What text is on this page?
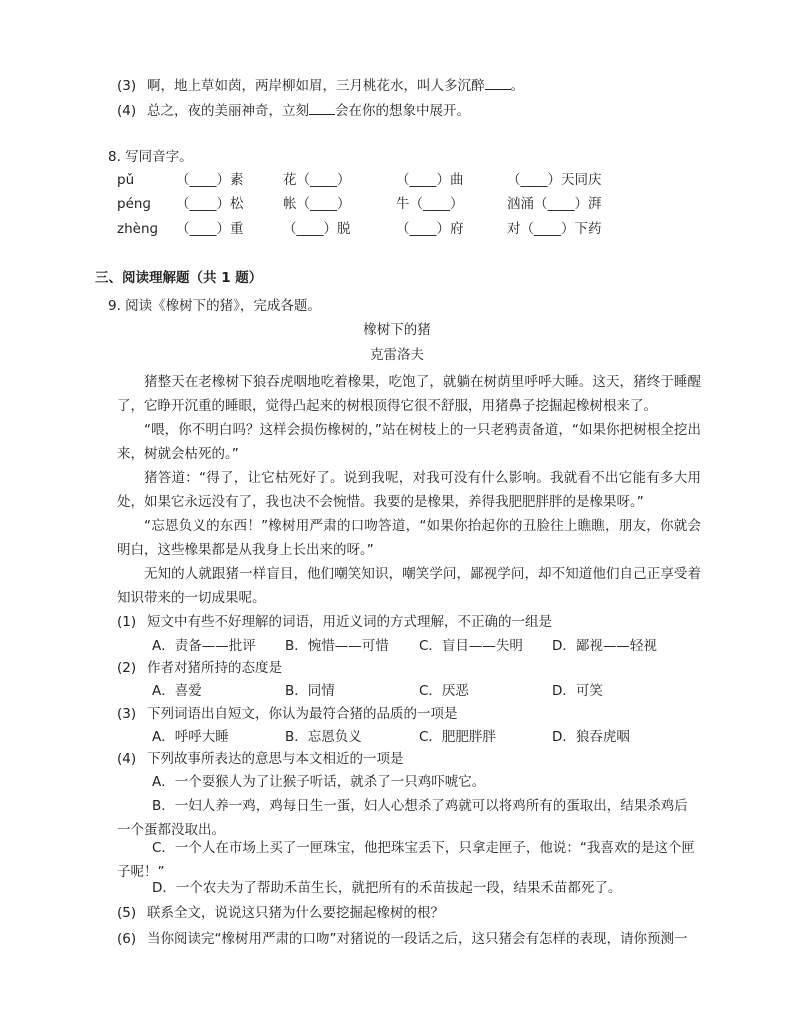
(3) 啊，地上草如茵，两岸柳如眉，三月桃花水，叫人多沉醉 。
(4) 总之，夜的美丽神奇，立刻 会在你的想象中展开。
8. 写同音字。
pǔ	（____）素	花（____）	（____）曲	（____）天同庆
pénɡ （____）松	帐（____）	牛（____）	汹涌（____）湃
zhènɡ （____）重	（____）脱	（____）府	对（____）下药
三、阅读理解题（共 1 题）
9. 阅读《橡树下的猪》，完成各题。
橡树下的猪
克雷洛夫

猪整天在老橡树下狼吞虎咽地吃着橡果，吃饱了，就躺在树荫里呼呼大睡。这天，猪终于睡醒了，它睁开沉重的睡眼，觉得凸起来的树根顶得它很不舒服，用猪鼻子挖掘起橡树根来了。

“喂，你不明白吗？这样会损伤橡树的，”站在树枝上的一只老鸦责备道，“如果你把树根全挖出来，树就会枯死的。”

猪答道：“得了，让它枯死好了。说到我呢，对我可没有什么影响。我就看不出它能有多大用处，如果它永远没有了，我也决不会惋惜。我要的是橡果，养得我肥肥胖胖的是橡果呀。”

“忘恩负义的东西！”橡树用严肃的口吻答道，“如果你抬起你的丑脸往上瞧瞧，朋友，你就会明白，这些橡果都是从我身上长出来的呀。”

无知的人就跟猪一样盲目，他们嘲笑知识，嘲笑学问，鄙视学问，却不知道他们自己正享受着知识带来的一切成果呢。

(1) 短文中有些不好理解的词语，用近义词的方式理解，不正确的一组是
A．责备——批评 B．惋惜——可惜 C．盲目——失明 D．鄙视——轻视
(2) 作者对猪所持的态度是
A．喜爱	B．同情	C．厌恶	D．可笑
(3) 下列词语出自短文，你认为最符合猪的品质的一项是
A．呼呼大睡	B．忘恩负义	C．肥肥胖胖	D．狼吞虎咽
(4) 下列故事所表达的意思与本文相近的一项是
A．一个耍猴人为了让猴子听话，就杀了一只鸡吓唬它。
B．一妇人养一鸡，鸡每日生一蛋，妇人心想杀了鸡就可以将鸡所有的蛋取出，结果杀鸡后一个蛋都没取出。
C．一个人在市场上买了一匣珠宝，他把珠宝丢下，只拿走匣子，他说：“我喜欢的是这个匣子呢！”
D．一个农夫为了帮助禾苗生长，就把所有的禾苗拔起一段，结果禾苗都死了。
(5) 联系全文，说说这只猪为什么要挖掘起橡树的根？
(6) 当你阅读完“橡树用严肃的口吻”对猪说的一段话之后，这只猪会有怎样的表现，请你预测一
